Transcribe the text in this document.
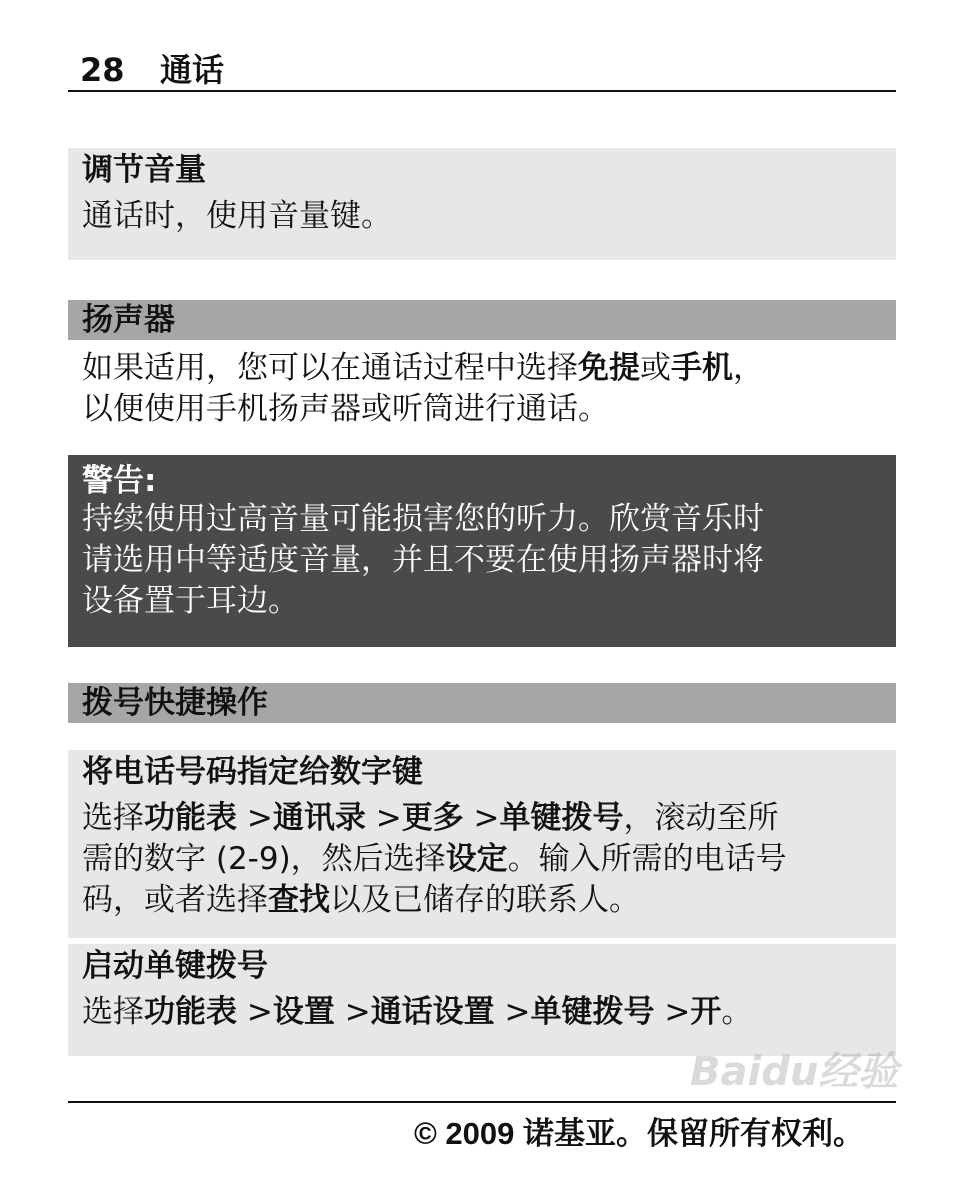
28 通话
调节音量
通话时，使用音量键。
扬声器
如果适用，您可以在通话过程中选择免提或手机，
以便使用手机扬声器或听筒进行通话。
警告:
持续使用过高音量可能损害您的听力。欣赏音乐时
请选用中等适度音量，并且不要在使用扬声器时将
设备置于耳边。
拨号快捷操作
将电话号码指定给数字键
选择功能表 >通讯录 >更多 >单键拨号，滚动至所
需的数字 (2-9)，然后选择设定。输入所需的电话号
码，或者选择查找以及已储存的联系人。
启动单键拨号
选择功能表 >设置 >通话设置 >单键拨号 >开。
© 2009 诺基亚。保留所有权利。
Baidu经验
